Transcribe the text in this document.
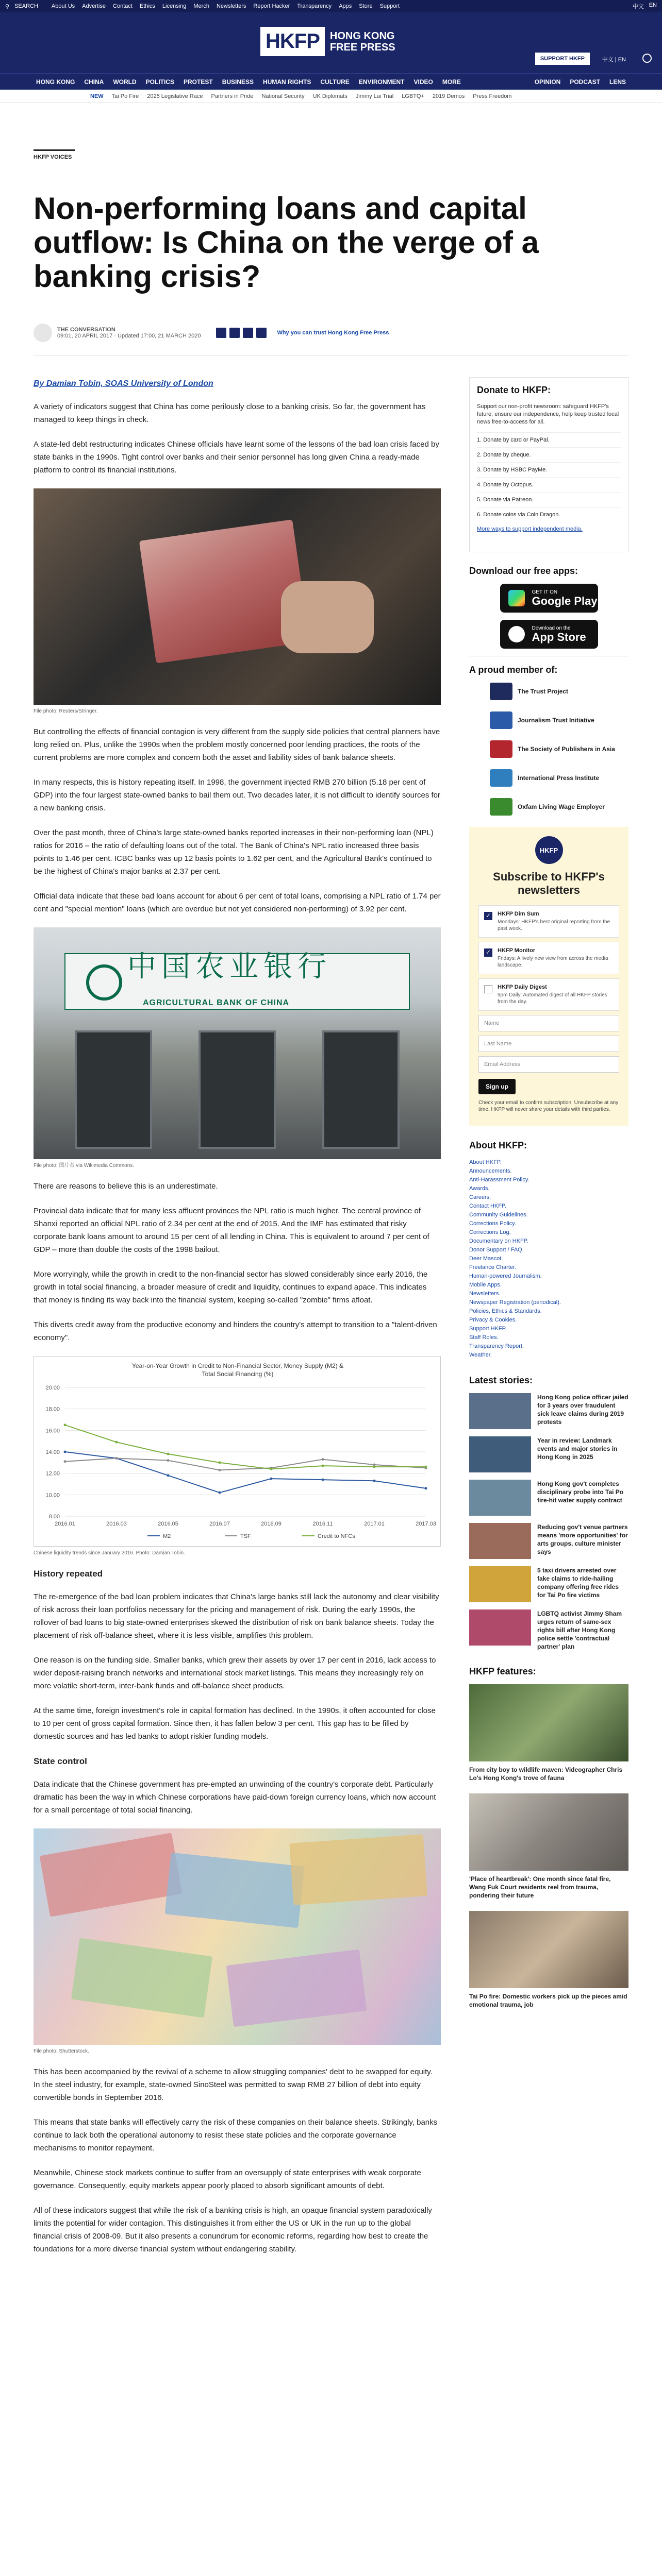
⚲ SEARCH About Us Advertise Contact Ethics Licensing Merch Newsletters Report Hacker Transparency Apps Store Support	中文 EN
HKFP	HONG KONG
FREE PRESS
SUPPORT HKFP	中文 | EN
HONG KONG CHINA WORLD POLITICS PROTEST BUSINESS HUMAN RIGHTS CULTURE ENVIRONMENT VIDEO MORE	OPINION PODCAST LENS
NEW Tai Po Fire 2025 Legislative Race Partners in Pride National Security UK Diplomats Jimmy Lai Trial LGBTQ+ 2019 Demos Press Freedom
HKFP VOICES
Non-performing loans and capital outflow: Is China on the verge of a banking crisis?
THE CONVERSATION
09:01, 20 APRIL 2017 · Updated 17:00, 21 MARCH 2020	Why you can trust Hong Kong Free Press

By Damian Tobin, SOAS University of London

A variety of indicators suggest that China has come perilously close to a banking crisis. So far, the government has managed to keep things in check.

A state-led debt restructuring indicates Chinese officials have learnt some of the lessons of the bad loan crisis faced by state banks in the 1990s. Tight control over banks and their senior personnel has long given China a ready-made platform to control its financial institutions.

File photo: Reuters/Stringer.

But controlling the effects of financial contagion is very different from the supply side policies that central planners have long relied on. Plus, unlike the 1990s when the problem mostly concerned poor lending practices, the roots of the current problems are more complex and concern both the asset and liability sides of bank balance sheets.

In many respects, this is history repeating itself. In 1998, the government injected RMB 270 billion (5.18 per cent of GDP) into the four largest state-owned banks to bail them out. Two decades later, it is not difficult to identify sources for a new banking crisis.

Over the past month, three of China's large state-owned banks reported increases in their non-performing loan (NPL) ratios for 2016 – the ratio of defaulting loans out of the total. The Bank of China's NPL ratio increased three basis points to 1.46 per cent. ICBC banks was up 12 basis points to 1.62 per cent, and the Agricultural Bank's continued to be the highest of China's major banks at 2.37 per cent.

Official data indicate that these bad loans account for about 6 per cent of total loans, comprising a NPL ratio of 1.74 per cent and "special mention" loans (which are overdue but not yet considered non-performing) of 3.92 per cent.

中国农业银行
AGRICULTURAL BANK OF CHINA
File photo: 图片者 via Wikimedia Commons.

There are reasons to believe this is an underestimate.

Provincial data indicate that for many less affluent provinces the NPL ratio is much higher. The central province of Shanxi reported an official NPL ratio of 2.34 per cent at the end of 2015. And the IMF has estimated that risky corporate bank loans amount to around 15 per cent of all lending in China. This is equivalent to around 7 per cent of GDP – more than double the costs of the 1998 bailout.

More worryingly, while the growth in credit to the non-financial sector has slowed considerably since early 2016, the growth in total social financing, a broader measure of credit and liquidity, continues to expand apace. This indicates that money is finding its way back into the financial system, keeping so-called "zombie" firms afloat.

This diverts credit away from the productive economy and hinders the country's attempt to transition to a "talent-driven economy".

Year-on-Year Growth in Credit to Non-Financial Sector, Money Supply (M2) &
Total Social Financing (%)
8.00
10.00
12.00
14.00
16.00
18.00
20.00
2016.01	2016.03	2016.05	2016.07	2016.09	2016.11	2017.01	2017.03
M2	TSF	Credit to NFCs
Chinese liquidity trends since January 2016. Photo: Damian Tobin.
History repeated

The re-emergence of the bad loan problem indicates that China's large banks still lack the autonomy and clear visibility of risk across their loan portfolios necessary for the pricing and management of risk. During the early 1990s, the rollover of bad loans to big state-owned enterprises skewed the distribution of risk on bank balance sheets. Today the placement of risk off-balance sheet, where it is less visible, amplifies this problem.

One reason is on the funding side. Smaller banks, which grew their assets by over 17 per cent in 2016, lack access to wider deposit-raising branch networks and international stock market listings. This means they increasingly rely on more volatile short-term, inter-bank funds and off-balance sheet products.

At the same time, foreign investment's role in capital formation has declined. In the 1990s, it often accounted for close to 10 per cent of gross capital formation. Since then, it has fallen below 3 per cent. This gap has to be filled by domestic sources and has led banks to adopt riskier funding models.

State control

Data indicate that the Chinese government has pre-empted an unwinding of the country's corporate debt. Particularly dramatic has been the way in which Chinese corporations have paid-down foreign currency loans, which now account for a small percentage of total social financing.

File photo: Shutterstock.

This has been accompanied by the revival of a scheme to allow struggling companies' debt to be swapped for equity. In the steel industry, for example, state-owned SinoSteel was permitted to swap RMB 27 billion of debt into equity convertible bonds in September 2016.

This means that state banks will effectively carry the risk of these companies on their balance sheets. Strikingly, banks continue to lack both the operational autonomy to resist these state policies and the corporate governance mechanisms to monitor repayment.

Meanwhile, Chinese stock markets continue to suffer from an oversupply of state enterprises with weak corporate governance. Consequently, equity markets appear poorly placed to absorb significant amounts of debt.

All of these indicators suggest that while the risk of a banking crisis is high, an opaque financial system paradoxically limits the potential for wider contagion. This distinguishes it from either the US or UK in the run up to the global financial crisis of 2008-09. But it also presents a conundrum for economic reforms, regarding how best to create the foundations for a more diverse financial system without endangering stability.

Donate to HKFP:
Support our non-profit newsroom: safeguard HKFP's future, ensure our independence, help keep trusted local news free-to-access for all.
1. Donate by card or PayPal.
2. Donate by cheque.
3. Donate by HSBC PayMe.
4. Donate by Octopus.
5. Donate via Patreon.
6. Donate coins via Coin Dragon.
More ways to support independent media.
Download our free apps:
GET IT ON
Google Play
Download on the
App Store
A proud member of:
The Trust Project
Journalism Trust Initiative
The Society of Publishers in Asia
International Press Institute
Oxfam Living Wage Employer
HKFP
Subscribe to HKFP's newsletters
✓
HKFP Dim Sum
Mondays: HKFP's best original reporting from the past week.
✓
HKFP Monitor
Fridays: A lively new view from across the media landscape.
HKFP Daily Digest
9pm Daily: Automated digest of all HKFP stories from the day.
Name
Last Name
Email Address
Sign up
Check your email to confirm subscription. Unsubscribe at any time. HKFP will never share your details with third parties.
About HKFP:
About HKFP.
Announcements.
Anti-Harassment Policy.
Awards.
Careers.
Contact HKFP.
Community Guidelines.
Corrections Policy.
Corrections Log.
Documentary on HKFP.
Donor Support / FAQ.
Deer Mascot.
Freelance Charter.
Human-powered Journalism.
Mobile Apps.
Newsletters.
Newspaper Registration (periodical).
Policies, Ethics & Standards.
Privacy & Cookies.
Support HKFP.
Staff Roles.
Transparency Report.
Weather.
Latest stories:
Hong Kong police officer jailed for 3 years over fraudulent sick leave claims during 2019 protests
Year in review: Landmark events and major stories in Hong Kong in 2025
Hong Kong gov't completes disciplinary probe into Tai Po fire-hit water supply contract
Reducing gov't venue partners means 'more opportunities' for arts groups, culture minister says
5 taxi drivers arrested over fake claims to ride-hailing company offering free rides for Tai Po fire victims
LGBTQ activist Jimmy Sham urges return of same-sex rights bill after Hong Kong police settle 'contractual partner' plan
HKFP features:
From city boy to wildlife maven: Videographer Chris Lo's Hong Kong's trove of fauna
'Place of heartbreak': One month since fatal fire, Wang Fuk Court residents reel from trauma, pondering their future
Tai Po fire: Domestic workers pick up the pieces amid emotional trauma, job
